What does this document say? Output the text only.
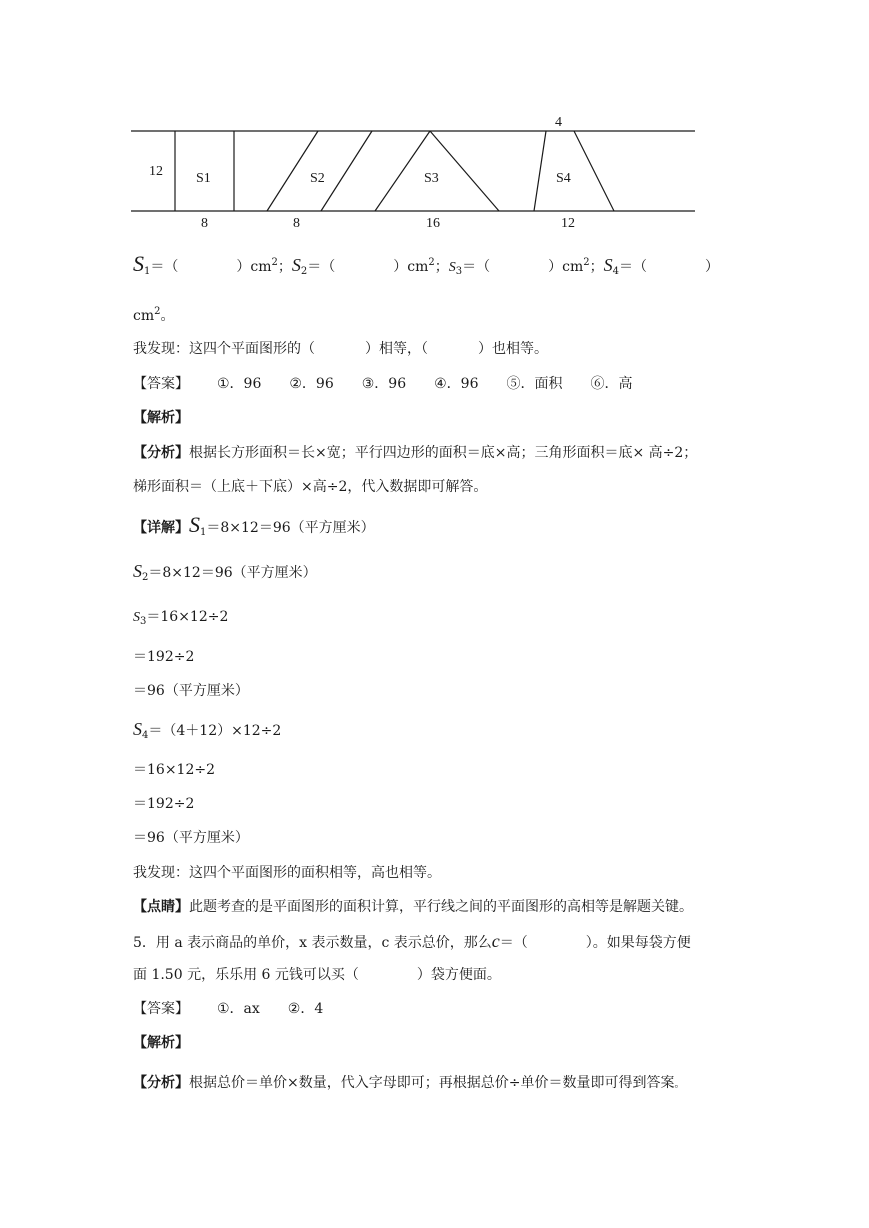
12 S1	S2	S3	S4
8	8	16	12
4
$S_1=$（	）$cm^2$；$S_2=$（	）$cm^2$；$S_3=$（	）$cm^2$；$S_4=$（	）
$cm^2$。
我发现：这四个平面图形的（	）相等，（	）也相等。
【答案】 ①．96 ②．96 ③．96 ④．96 ⑤．面积 ⑥．高
【解析】
【分析】根据长方形面积＝长×宽；平行四边形的面积＝底×高；三角形面积＝底× 高÷2；
梯形面积＝（上底＋下底）×高÷2，代入数据即可解答。
【详解】$S_1=8\times 12=96$（平方厘米）
$S_2=8\times 12=96$（平方厘米）
$S_3=16\times 12\div 2$
＝192÷2
＝96（平方厘米）
$S_4=(4+12)\times 12\div 2$
＝16×12÷2
＝192÷2
＝96（平方厘米）
我发现：这四个平面图形的面积相等，高也相等。
【点睛】此题考查的是平面图形的面积计算，平行线之间的平面图形的高相等是解题关键。
5．用 a 表示商品的单价，x 表示数量，c 表示总价，那么c＝（	）。如果每袋方便
面 1.50 元，乐乐用 6 元钱可以买（	）袋方便面。
【答案】 ①．ax ②．4
【解析】
【分析】根据总价＝单价×数量，代入字母即可；再根据总价÷单价＝数量即可得到答案。
